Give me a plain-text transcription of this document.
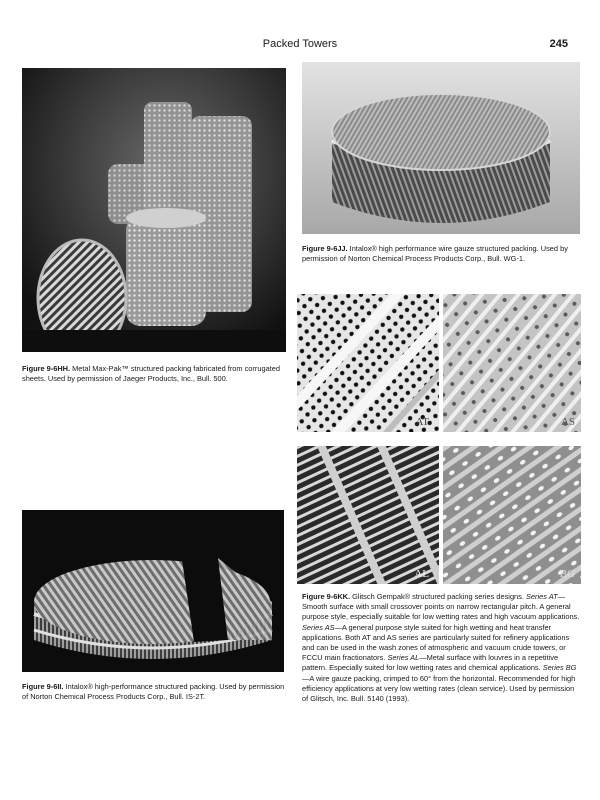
Packed Towers	245
Figure 9-6HH. Metal Max-Pak™ structured packing fabricated from corrugated sheets. Used by permission of Jaeger Products, Inc., Bull. 500.
Figure 9-6JJ. Intalox® high performance wire gauze structured packing. Used by permission of Norton Chemical Process Products Corp., Bull. WG-1.
AT	AS
AL	BG
Figure 9-6KK. Glitsch Gempak® structured packing series designs. Series AT—Smooth surface with small crossover points on narrow rectangular pitch. A general purpose style, especially suitable for low wetting rates and high vacuum applications. Series AS—A general purpose style suited for high wetting and heat transfer applications. Both AT and AS series are particularly suited for refinery applications and can be used in the wash zones of atmospheric and vacuum crude towers, or FCCU main fractionators. Series AL—Metal surface with louvres in a repetitive pattern. Especially suited for low wetting rates and chemical applications. Series BG—A wire gauze packing, crimped to 60° from the horizontal. Recommended for high efficiency applications at very low wetting rates (clean service). Used by permission of Glitsch, Inc. Bull. 5140 (1993).
Figure 9-6II. Intalox® high-performance structured packing. Used by permission of Norton Chemical Process Products Corp., Bull. IS-2T.
